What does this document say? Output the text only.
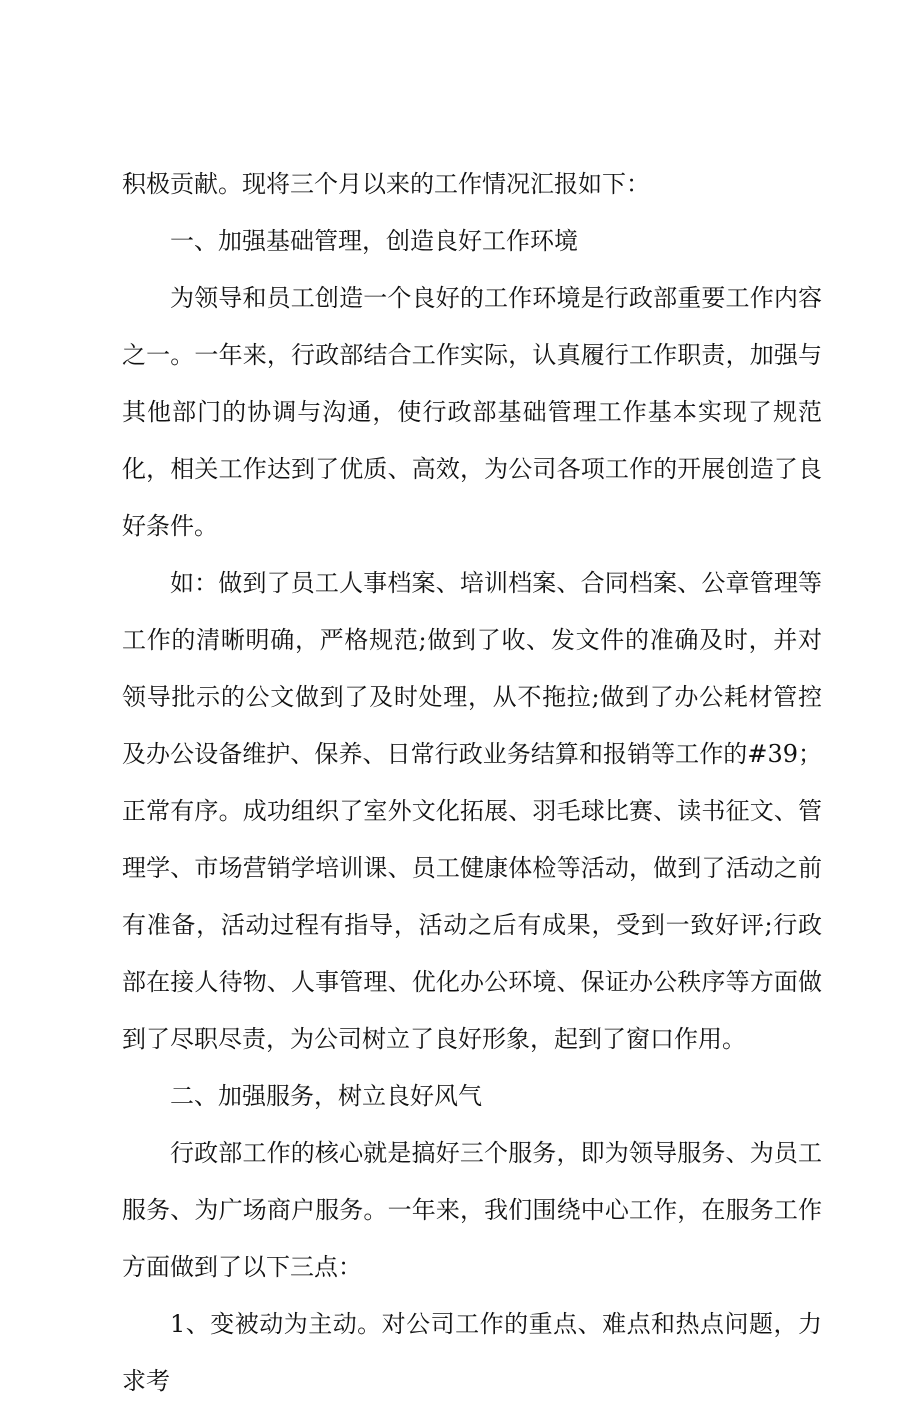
积极贡献。现将三个月以来的工作情况汇报如下：

一、加强基础管理，创造良好工作环境

为领导和员工创造一个良好的工作环境是行政部重要工作内容之一。一年来，行政部结合工作实际，认真履行工作职责，加强与其他部门的协调与沟通，使行政部基础管理工作基本实现了规范化，相关工作达到了优质、高效，为公司各项工作的开展创造了良好条件。

如：做到了员工人事档案、培训档案、合同档案、公章管理等工作的清晰明确，严格规范;做到了收、发文件的准确及时，并对领导批示的公文做到了及时处理，从不拖拉;做到了办公耗材管控及办公设备维护、保养、日常行政业务结算和报销等工作的#39；正常有序。成功组织了室外文化拓展、羽毛球比赛、读书征文、管理学、市场营销学培训课、员工健康体检等活动，做到了活动之前有准备，活动过程有指导，活动之后有成果，受到一致好评;行政部在接人待物、人事管理、优化办公环境、保证办公秩序等方面做到了尽职尽责，为公司树立了良好形象，起到了窗口作用。

二、加强服务，树立良好风气

行政部工作的核心就是搞好三个服务，即为领导服务、为员工服务、为广场商户服务。一年来，我们围绕中心工作，在服务工作方面做到了以下三点：

1、变被动为主动。对公司工作的重点、难点和热点问题，力求考
